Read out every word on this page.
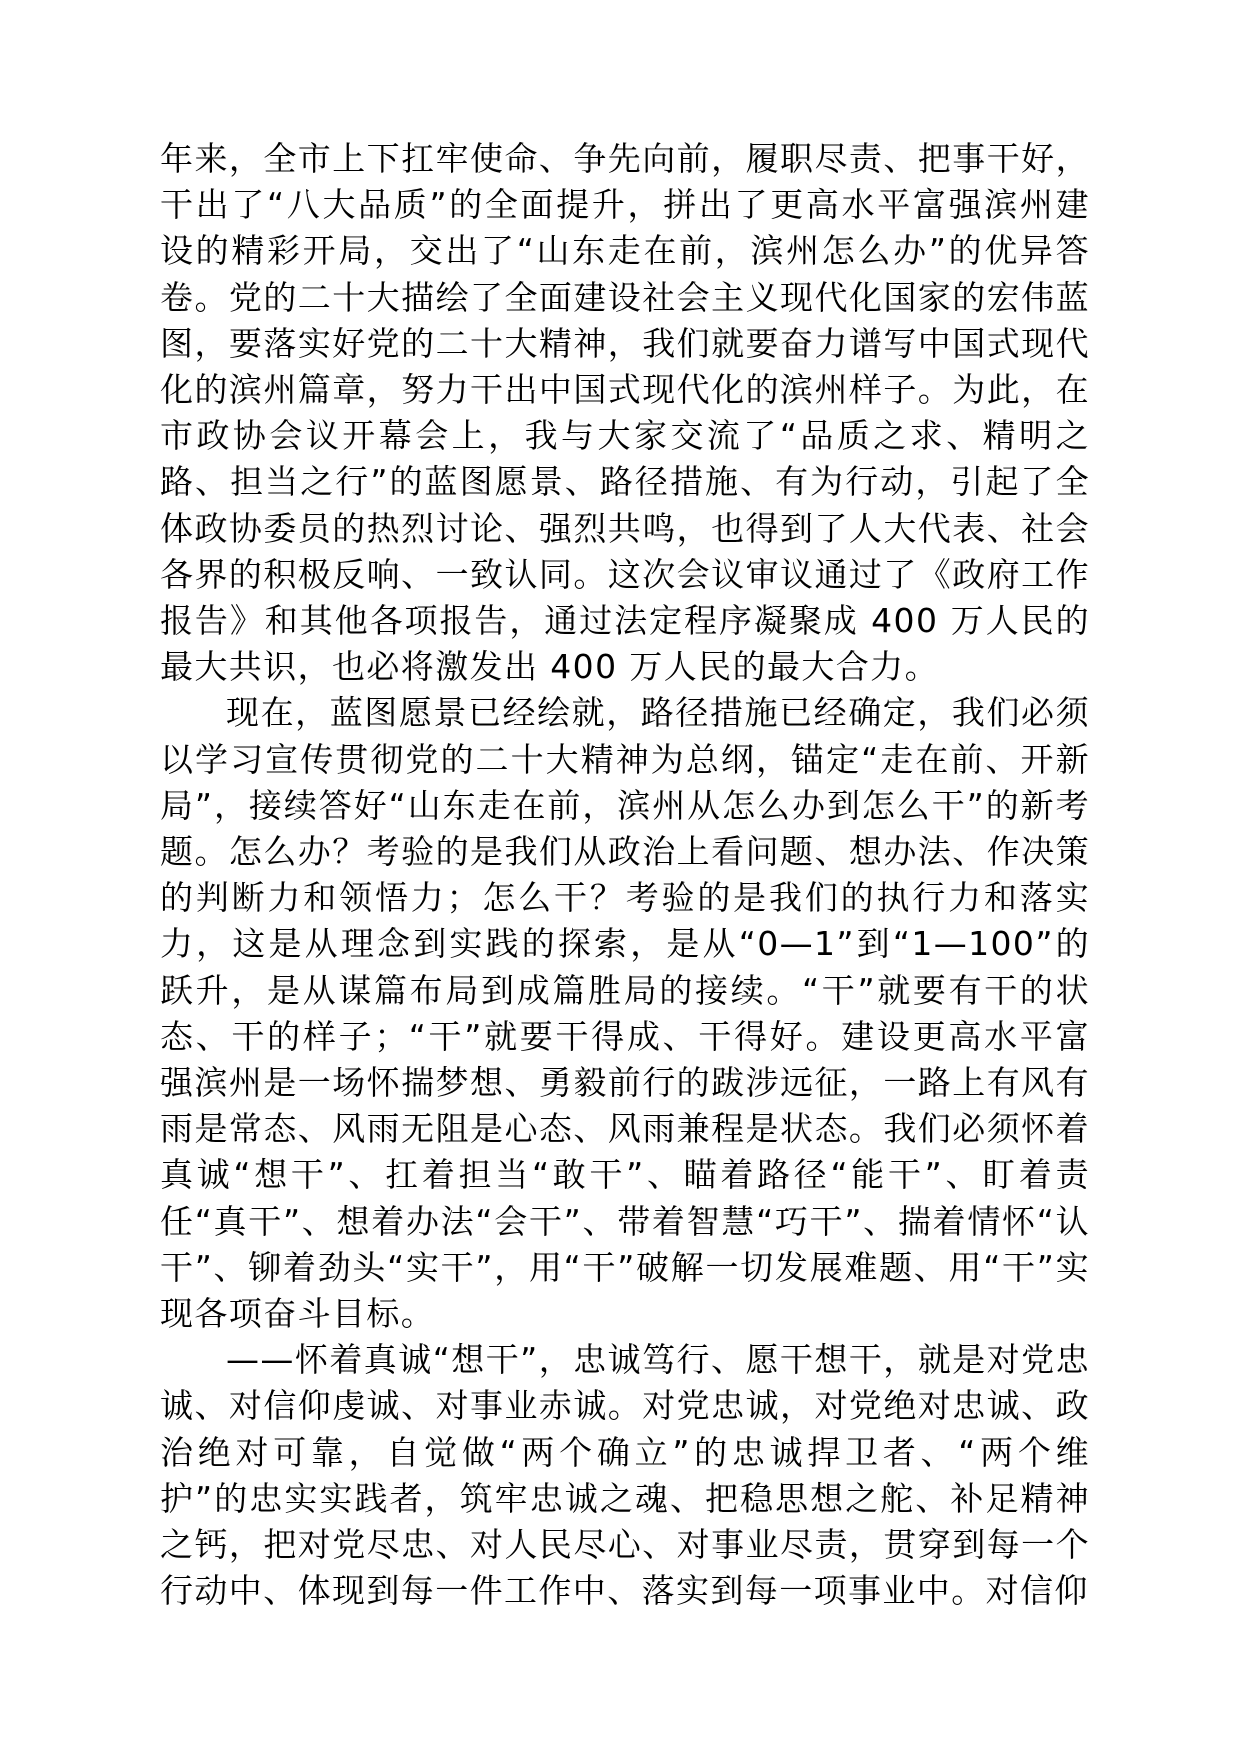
年来，全市上下扛牢使命、争先向前，履职尽责、把事干好，干出了“八大品质”的全面提升，拼出了更高水平富强滨州建设的精彩开局，交出了“山东走在前，滨州怎么办”的优异答卷。党的二十大描绘了全面建设社会主义现代化国家的宏伟蓝图，要落实好党的二十大精神，我们就要奋力谱写中国式现代化的滨州篇章，努力干出中国式现代化的滨州样子。为此，在市政协会议开幕会上，我与大家交流了“品质之求、精明之路、担当之行”的蓝图愿景、路径措施、有为行动，引起了全体政协委员的热烈讨论、强烈共鸣，也得到了人大代表、社会各界的积极反响、一致认同。这次会议审议通过了《政府工作报告》和其他各项报告，通过法定程序凝聚成 400 万人民的最大共识，也必将激发出 400 万人民的最大合力。

现在，蓝图愿景已经绘就，路径措施已经确定，我们必须以学习宣传贯彻党的二十大精神为总纲，锚定“走在前、开新局”，接续答好“山东走在前，滨州从怎么办到怎么干”的新考题。怎么办？考验的是我们从政治上看问题、想办法、作决策的判断力和领悟力；怎么干？考验的是我们的执行力和落实力，这是从理念到实践的探索，是从“0—1”到“1—100”的跃升，是从谋篇布局到成篇胜局的接续。“干”就要有干的状态、干的样子；“干”就要干得成、干得好。建设更高水平富强滨州是一场怀揣梦想、勇毅前行的跋涉远征，一路上有风有雨是常态、风雨无阻是心态、风雨兼程是状态。我们必须怀着真诚“想干”、扛着担当“敢干”、瞄着路径“能干”、盯着责任“真干”、想着办法“会干”、带着智慧“巧干”、揣着情怀“认干”、铆着劲头“实干”，用“干”破解一切发展难题、用“干”实现各项奋斗目标。

——怀着真诚“想干”，忠诚笃行、愿干想干，就是对党忠诚、对信仰虔诚、对事业赤诚。对党忠诚，对党绝对忠诚、政治绝对可靠，自觉做“两个确立”的忠诚捍卫者、“两个维护”的忠实实践者，筑牢忠诚之魂、把稳思想之舵、补足精神之钙，把对党尽忠、对人民尽心、对事业尽责，贯穿到每一个行动中、体现到每一件工作中、落实到每一项事业中。对信仰
